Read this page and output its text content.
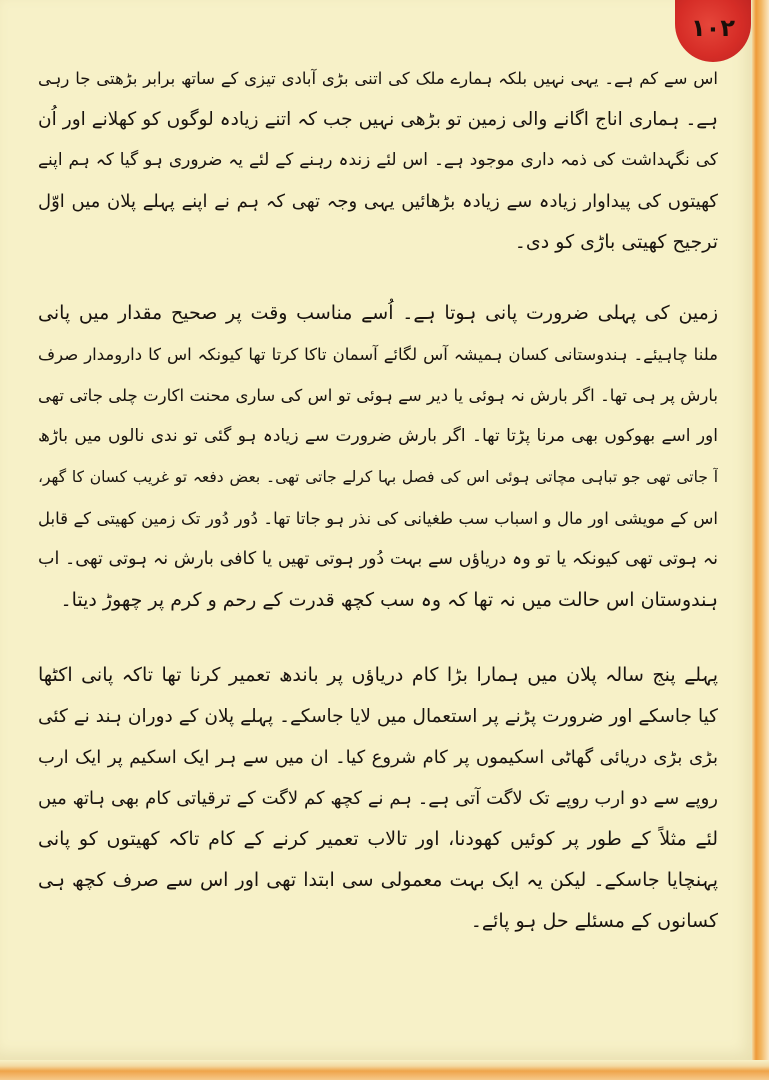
۱۰۲
اس سے کم ہے۔ یہی نہیں بلکہ ہمارے ملک کی اتنی بڑی آبادی تیزی کے ساتھ برابر بڑھتی جا رہی
ہے۔ ہماری اناج اگانے والی زمین تو بڑھی نہیں جب کہ اتنے زیادہ لوگوں کو کھلانے اور اُن
کی نگہداشت کی ذمہ داری موجود ہے۔ اس لئے زندہ رہنے کے لئے یہ ضروری ہو گیا کہ ہم اپنے
کھیتوں کی پیداوار زیادہ سے زیادہ بڑھائیں یہی وجہ تھی کہ ہم نے اپنے پہلے پلان میں اوّل
ترجیح کھیتی باڑی کو دی۔
زمین کی پہلی ضرورت پانی ہوتا ہے۔ اُسے مناسب وقت پر صحیح مقدار میں پانی
ملنا چاہیئے۔ ہندوستانی کسان ہمیشہ آس لگائے آسمان تاکا کرتا تھا کیونکہ اس کا دارومدار صرف
بارش پر ہی تھا۔ اگر بارش نہ ہوئی یا دیر سے ہوئی تو اس کی ساری محنت اکارت چلی جاتی تھی
اور اسے بھوکوں بھی مرنا پڑتا تھا۔ اگر بارش ضرورت سے زیادہ ہو گئی تو ندی نالوں میں باڑھ
آ جاتی تھی جو تباہی مچاتی ہوئی اس کی فصل بہا کرلے جاتی تھی۔ بعض دفعہ تو غریب کسان کا گھر،
اس کے مویشی اور مال و اسباب سب طغیانی کی نذر ہو جاتا تھا۔ دُور دُور تک زمین کھیتی کے قابل
نہ ہوتی تھی کیونکہ یا تو وہ دریاؤں سے بہت دُور ہوتی تھیں یا کافی بارش نہ ہوتی تھی۔ اب
ہندوستان اس حالت میں نہ تھا کہ وہ سب کچھ قدرت کے رحم و کرم پر چھوڑ دیتا۔
پہلے پنج سالہ پلان میں ہمارا بڑا کام دریاؤں پر باندھ تعمیر کرنا تھا تاکہ پانی اکٹھا
کیا جاسکے اور ضرورت پڑنے پر استعمال میں لایا جاسکے۔ پہلے پلان کے دوران ہند نے کئی
بڑی بڑی دریائی گھاٹی اسکیموں پر کام شروع کیا۔ ان میں سے ہر ایک اسکیم پر ایک ارب
روپے سے دو ارب روپے تک لاگت آتی ہے۔ ہم نے کچھ کم لاگت کے ترقیاتی کام بھی ہاتھ میں
لئے مثلاً کے طور پر کوئیں کھودنا، اور تالاب تعمیر کرنے کے کام تاکہ کھیتوں کو پانی
پہنچایا جاسکے۔ لیکن یہ ایک بہت معمولی سی ابتدا تھی اور اس سے صرف کچھ ہی
کسانوں کے مسئلے حل ہو پائے۔
